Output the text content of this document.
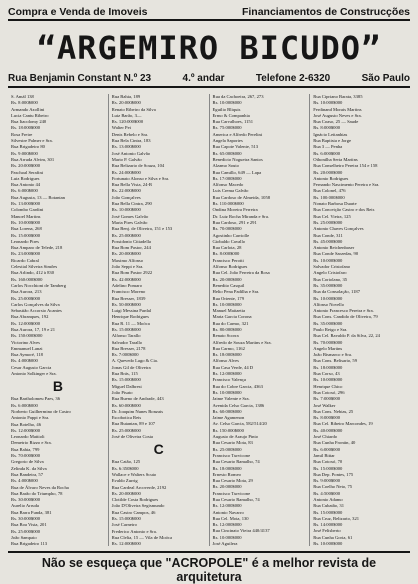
Compra e Venda de Imoveis	Financiamentos de Construcções
“ARGEMIRO BICUDO”
Rua Benjamin Constant N.º 23	4.º andar	Telefone 2-6320	São Paulo
S. Amál 138
Rs. 8:000$000
Armando Azollini
Lucia Cantu Ribeiro
Rua Itacolomy 240
Rs. 18:000$000
Rosa Freire
Silvestre Palmer e Sra.
Rua Brigadeiro 80
Rs. 9:000$000
Rua Arruda Alvim, 301
Rs. 20:000$000
Paschoal Serafini
Luiz Rodrigues
Rua Antonio 44
Rs. 6:000$000
Rua Augusta, 13 — Botantan
Rs. 13:000$000
Colombo Gardini
Manoel Martins
Rs. 10:000$000
Rua Lorena, 268
Rs. 15:000$000
Leonardo Pires
Rua Amparo de Telede, 218
Rs. 23:000$000
Ricardo Cabral
Celestial Silveira Simões
Rua Arlindo, 412 à 830
Rs. 160:000$000
Carlos Nocchioni de Tamberg
Rua Aurora, 213
Rs. 25:000$000
Carlos Gonçalves da Silva
Sebastião Accorsio Acantes
Rua Abranques, 192
Rs. 12:000$000
Rua Aurora, 17, 19 e 21
Rs. 150:000$000
Victorino Alves
Emmanuel Lanzi
Rua Aymoré, 118
Rs. 4:000$000
Cesar Augusto Garcia
Antonio Solkinger e Sra.
B
Rua Bartholomeu Paes, 36
Rs. 6:000$000
Norberto Guilhermino de Castro
Antonio Pappi e Sra.
Rua Botelho, 46
Rs. 12:000$000
Leonardo Mattioli
Demetrio Rizzo e Sra.
Rua Bahia, 799
Rs. 70:000$000
Gregorio de Silva
Zelinda K. da Silva
Rua Bandeira, 57
Rs. 4:000$000
Rua de Álvaro Neves da Rocha
Rua Barão do Triumpho, 78
Rs. 30:000$000
Aurelio Arruda
Rua Barra Funda, 381
Rs. 30:000$000
Rua Boa Vista, 201
Rs. 25:000$000
João Sampaio
Rua Brigadeiro 113
Rua Bahia, 189
Rs. 20:000$000
Renato Ribeiro da Silva
Luiz Barão, 3—
Rs. 120:000$000
Walter Pei
Denis Rebelo e Sra.
Rua Bela Cintra, 183
Rs. 13:000$000
José Antonio Galvão
Mario P. Galvão
Rua Belizario de Souza, 104
Rs. 24:000$000
Fortunato Alonso e Silva e Sra.
Rua Bella Vista, 24-B
Rs. 22:000$000
João Gonçalves
Rua Bella Cintra, 290
Rs. 10:000$000
José Gomes Galvão
Maria Pires Galvão
Rua Benj. de Oliveira, 151 e 153
Rs. 25:000$000
Possidonio Cittadella
Rua Bom Pastor, 244
Rs. 20:000$000
Maximo Alfonso
João Seppi e Sra.
Rua Bom Pastor 2922
Rs. 42:000$000
Adelino Pomaro
Francisco Moreno
Rua Bresser, 1839
Rs. 50:000$000
Luigi Messina Pardal
Henrique Rodrigues
Rua R. 11 — Moóca
Rs. 15:000$000
Alfonso Tarallo
Salvador Tarallo
Rua Bresser, 2178
Rs. 7:000$000
A. Quevedo Lago & Cia.
Jonas Gil de Oliveira
Rua Brás, 115
Rs. 15:000$000
Miguel Dalbrest
João Pisato
Rua Bueno de Andrade, 443
Rs. 60:000$000
Dr. Joaquim Nunes Bonzais
Escobotica Reis
Rua Butantan, 89 e 107
Rs. 25:000$000
José de Oliveira Costa
C
Rua Catão, 125
Rs. 6:350$000
Wallace e Walters Scuto
Evaldo Zurrig
Rua Cardeal Arcoverde, 2192
Rs. 20:000$000
Clotilde Costa Rodrigues
João D'Oliveira Segismundo
Rua Castro Campos, 46
Rs. 15:000$000
José Carneiro
Frederico Antonio e Sra.
Rua Clelia, 15 — Vila de Moóca
Rs. 12:000$000
Rua da Cachoeira, 267, 273
Rs. 10:000$000
Eguilio Bliquis
Ermo & Companhia
Rua Carvalhoes, 1151
Rs. 75:000$000
America e Alfredo Perelini
Angela Saportes
Rua Capote Valente, 513
Rs. 65:000$000
Benedicto Nogueira Santos
Alzamo Souto
Rua Camillo, 649 — Lapa
Rs. 17:000$000
Alfonso Macedo
Luis Crema Galvão
Rua Cardoso de Almeida, 1058
Rs. 110:000$000
Ondina Moreira Ferreira
Dr. Luiz Rocha Miranda e Sra.
Rua Cardoso, 291 e 291
Rs. 70:000$000
Agostinho Carriolle
Giobaldo Cavallo
Rua Carlota, 28
Rs. 8:000$000
Francisco Perotti
Alfonso Rodrigues
Rua Cel. João Ferreira da Rosa
Rs. 20:000$000
Benedito Casquil
Helio Pena Padilha e Sra.
Rua Oriente, 179
Rs. 10:000$000
Manuel Maitaetia
Maria Garcia Corona
Rua do Carmo, 321
Rs. 80:000$000
Renato Scorra
Alfredo de Souza Martins e Sra.
Rua Carmo, 1162
Rs. 18:000$000
Alfonso Alves
Rua Casa Verde, 44 D
Rs. 12:000$000
Francisco Valença
Rua do Cobre Garcia, 4363
Rs. 10:000$000
Jaime Valente e Sra.
Avenida Celso Garcia, 1386
Rs. 60:000$000
Jaime Agamenon
Av. Celso Garcia, 582/514/20
Rs. 150:000$000
Augusto de Araujo Pinto
Rua Cesario Mota, 83
Rs. 25:000$000
Francisco Turvicone
Rua Cesario Ramalho, 74
Rs. 18:000$000
Ernesto Romeo
Rua Cesario Mota, 29
Rs. 20:000$000
Francisco Turvicone
Rua Cesario Ramalho, 74
Rs. 12:000$000
Antonio Navarro
Rua Cel. Mota, 130
Rs. 12:000$000
Rua Cincinato Vieira 440/4137
Rs. 10:000$000
José Aguilera
Rua Cipriano Barata, 3385
Rs. 10:000$000
Ferdinand Morais Martins
José Augusto Neves e Sra.
Rua Coaso, 25 — Saude
Rs. 8:000$000
Ignácio Leitanhias
Rua Baptista e Jorge
Rua 3 — Penha
Rs. 6:000$000
Othonilha Seria Martins
Rua Conselheiro Pereira 154 e 158
Rs. 20:000$000
Antonio Rodrigues
Fernando Nascimento Pereira e Sra.
Rua Colonel, 476
Rs. 100:000$000
Nonato Barbosa Duarte
Rua Conceição Castro e dos Reis
Rua Cel. Vieira, 125
Rs. 25:000$000
Antonio Chaves Gonçalves
Rua Conde, 311
Rs. 45:000$000
Antonio Reichenbaser
Rua Conde Sarzedas, 90
Rs. 10:000$000
Salvador Cristofano
Angelo Cristofaro
Rua Coriolano, 35
Rs. 35:000$000
Rua da Consolação, 1187
Rs. 10:000$000
Alfonso Novello
Antonio Francesco Pereira e Sra.
Rua Cons. Candido de Oliveira, 79
Rs. 35:000$000
Paulo Reigo e Sra.
Rua Cel. Ravaldo P. da Silva, 22, 24
Rs. 70:000$000
Angelo Martins
João Bismarco e Sra.
Rua Cons. Belisario, 59
Rs. 18:000$000
Rua Corso, 43
Rs. 10:000$000
Henrique Chico
Rua Cotoxó, 296
Rs. 7:000$000
José Walker
Rua Cons. Nebias, 25
Rs. 8:000$000
Rua Cel. Ribeiro Marcondes, 19
Rs. 40:000$000
José Chiardo
Rua Cunha Frontin, 40
Rs. 6:000$000
Jamil Bittar
Rua Cotoxó, 70
Rs. 15:000$000
Rua Dep. Pontes, 175
Rs. 9:000$000
Rua Coelho Neto, 75
Rs. 4:500$000
Antonio Adamo
Rua Cubatão, 31
Rs. 15:000$000
Rua Cruz, Belizario, 321
Rs. 14:000$000
José Felisberto
Rua Cunha Goria, 61
Rs. 10:000$000
Não se esqueça que "ACROPOLE" é a melhor revista de arquitetura
